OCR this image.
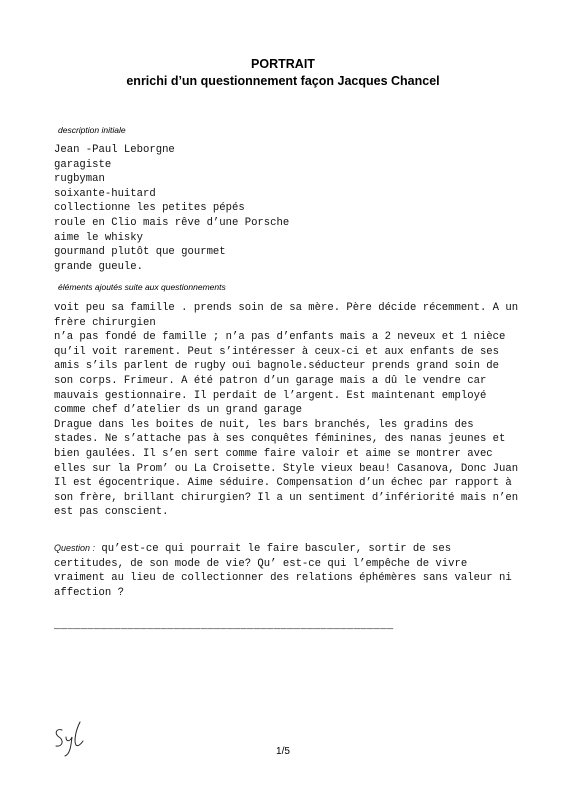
PORTRAIT
enrichi d’un questionnement façon Jacques Chancel
description initiale
Jean -Paul Leborgne
garagiste
rugbyman
soixante-huitard
collectionne les petites pépés
roule en Clio mais rêve d’une Porsche
aime le whisky
gourmand plutôt que gourmet
grande gueule.
éléments ajoutés suite aux questionnements

voit peu sa famille . prends soin de sa mère. Père décide récemment. A un frère chirurgien

n’a pas fondé de famille ; n’a pas d’enfants mais a 2 neveux et 1 nièce qu’il voit rarement. Peut s’intéresser à ceux-ci et aux enfants de ses amis s’ils parlent de rugby oui bagnole.séducteur prends grand soin de son corps. Frimeur. A été patron d’un garage mais a dû le vendre car mauvais gestionnaire. Il perdait de l’argent. Est maintenant employé comme chef d’atelier ds un grand garage

Drague dans les boites de nuit, les bars branchés, les gradins des stades. Ne s’attache pas à ses conquêtes féminines, des nanas jeunes et bien gaulées. Il s’en sert comme faire valoir et aime se montrer avec elles sur la Prom’ ou La Croisette. Style vieux beau! Casanova, Donc Juan

Il est égocentrique. Aime séduire. Compensation d’un échec par rapport à son frère, brillant chirurgien? Il a un sentiment d’infériorité mais n’en est pas conscient.

Question : qu’est-ce qui pourrait le faire basculer, sortir de ses certitudes, de son mode de vie? Qu’ est-ce qui l’empêche de vivre vraiment au lieu de collectionner des relations éphémères sans valeur ni affection ?
___________________________________________________
1/5
